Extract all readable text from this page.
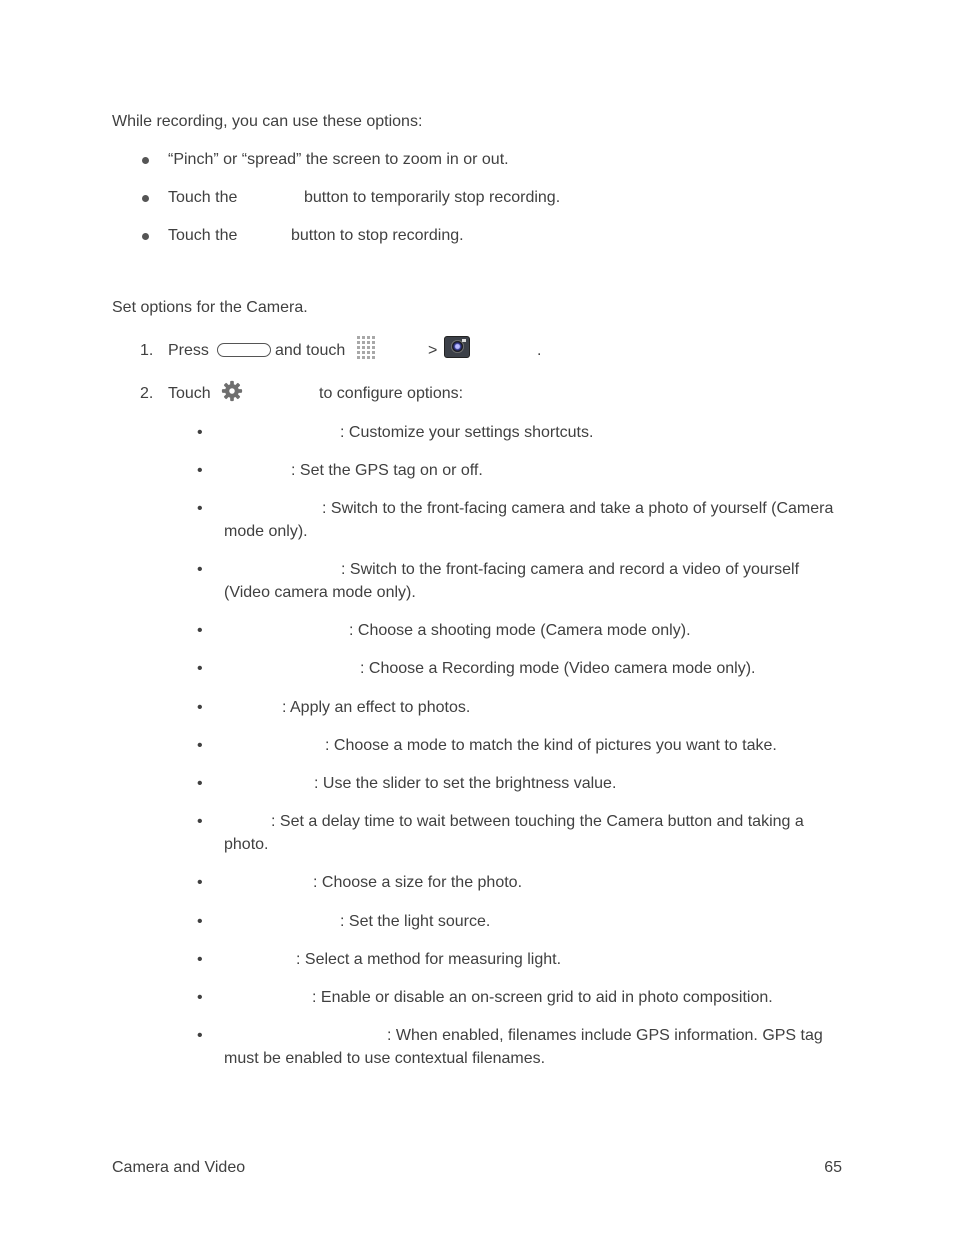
While recording, you can use these options:
“Pinch” or “spread” the screen to zoom in or out.
Touch the	button to temporarily stop recording.
Touch the	button to stop recording.
Set options for the Camera.
1. Press	and touch	>	.
2. Touch	to configure options:
•	: Customize your settings shortcuts.
•	: Set the GPS tag on or off.
•	: Switch to the front-facing camera and take a photo of yourself (Camera mode only).
•	: Switch to the front-facing camera and record a video of yourself (Video camera mode only).
•	: Choose a shooting mode (Camera mode only).
•	: Choose a Recording mode (Video camera mode only).
•	: Apply an effect to photos.
•	: Choose a mode to match the kind of pictures you want to take.
•	: Use the slider to set the brightness value.
•	: Set a delay time to wait between touching the Camera button and taking a photo.
•	: Choose a size for the photo.
•	: Set the light source.
•	: Select a method for measuring light.
•	: Enable or disable an on-screen grid to aid in photo composition.
•	: When enabled, filenames include GPS information. GPS tag must be enabled to use contextual filenames.
Camera and Video	65
